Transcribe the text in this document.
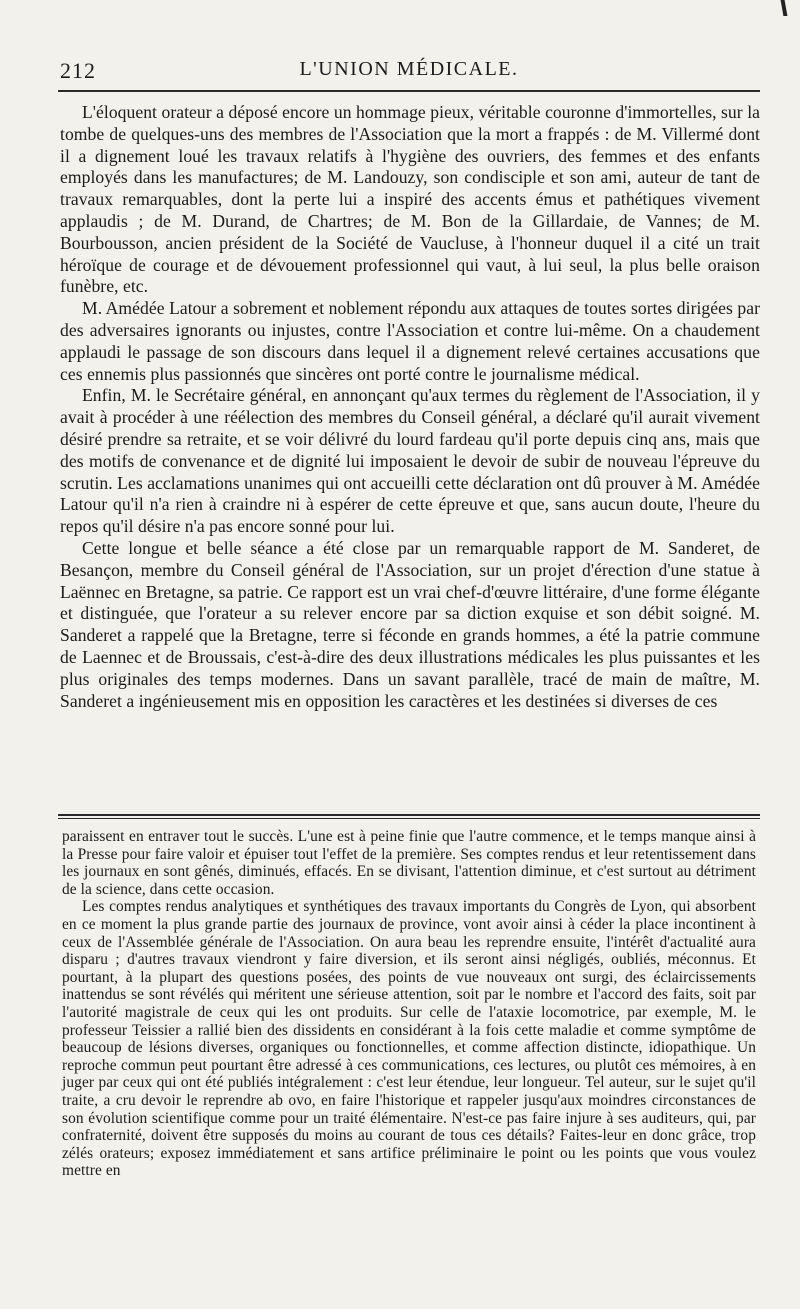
212	L'UNION MÉDICALE.

L'éloquent orateur a déposé encore un hommage pieux, véritable couronne d'immortelles, sur la tombe de quelques-uns des membres de l'Association que la mort a frappés : de M. Villermé dont il a dignement loué les travaux relatifs à l'hygiène des ouvriers, des femmes et des enfants employés dans les manufactures; de M. Landouzy, son condisciple et son ami, auteur de tant de travaux remarquables, dont la perte lui a inspiré des accents émus et pathétiques vivement applaudis ; de M. Durand, de Chartres; de M. Bon de la Gillardaie, de Vannes; de M. Bourbousson, ancien président de la Société de Vaucluse, à l'honneur duquel il a cité un trait héroïque de courage et de dévouement professionnel qui vaut, à lui seul, la plus belle oraison funèbre, etc.

M. Amédée Latour a sobrement et noblement répondu aux attaques de toutes sortes dirigées par des adversaires ignorants ou injustes, contre l'Association et contre lui-même. On a chaudement applaudi le passage de son discours dans lequel il a dignement relevé certaines accusations que ces ennemis plus passionnés que sincères ont porté contre le journalisme médical.

Enfin, M. le Secrétaire général, en annonçant qu'aux termes du règlement de l'Association, il y avait à procéder à une réélection des membres du Conseil général, a déclaré qu'il aurait vivement désiré prendre sa retraite, et se voir délivré du lourd fardeau qu'il porte depuis cinq ans, mais que des motifs de convenance et de dignité lui imposaient le devoir de subir de nouveau l'épreuve du scrutin. Les acclamations unanimes qui ont accueilli cette déclaration ont dû prouver à M. Amédée Latour qu'il n'a rien à craindre ni à espérer de cette épreuve et que, sans aucun doute, l'heure du repos qu'il désire n'a pas encore sonné pour lui.

Cette longue et belle séance a été close par un remarquable rapport de M. Sanderet, de Besançon, membre du Conseil général de l'Association, sur un projet d'érection d'une statue à Laënnec en Bretagne, sa patrie. Ce rapport est un vrai chef-d'œuvre littéraire, d'une forme élégante et distinguée, que l'orateur a su relever encore par sa diction exquise et son débit soigné. M. Sanderet a rappelé que la Bretagne, terre si féconde en grands hommes, a été la patrie commune de Laennec et de Broussais, c'est-à-dire des deux illustrations médicales les plus puissantes et les plus originales des temps modernes. Dans un savant parallèle, tracé de main de maître, M. Sanderet a ingénieusement mis en opposition les caractères et les destinées si diverses de ces

paraissent en entraver tout le succès. L'une est à peine finie que l'autre commence, et le temps manque ainsi à la Presse pour faire valoir et épuiser tout l'effet de la première. Ses comptes rendus et leur retentissement dans les journaux en sont gênés, diminués, effacés. En se divisant, l'attention diminue, et c'est surtout au détriment de la science, dans cette occasion.

Les comptes rendus analytiques et synthétiques des travaux importants du Congrès de Lyon, qui absorbent en ce moment la plus grande partie des journaux de province, vont avoir ainsi à céder la place incontinent à ceux de l'Assemblée générale de l'Association. On aura beau les reprendre ensuite, l'intérêt d'actualité aura disparu ; d'autres travaux viendront y faire diversion, et ils seront ainsi négligés, oubliés, méconnus. Et pourtant, à la plupart des questions posées, des points de vue nouveaux ont surgi, des éclaircissements inattendus se sont révélés qui méritent une sérieuse attention, soit par le nombre et l'accord des faits, soit par l'autorité magistrale de ceux qui les ont produits. Sur celle de l'ataxie locomotrice, par exemple, M. le professeur Teissier a rallié bien des dissidents en considérant à la fois cette maladie et comme symptôme de beaucoup de lésions diverses, organiques ou fonctionnelles, et comme affection distincte, idiopathique. Un reproche commun peut pourtant être adressé à ces communications, ces lectures, ou plutôt ces mémoires, à en juger par ceux qui ont été publiés intégralement : c'est leur étendue, leur longueur. Tel auteur, sur le sujet qu'il traite, a cru devoir le reprendre ab ovo, en faire l'historique et rappeler jusqu'aux moindres circonstances de son évolution scientifique comme pour un traité élémentaire. N'est-ce pas faire injure à ses auditeurs, qui, par confraternité, doivent être supposés du moins au courant de tous ces détails? Faites-leur en donc grâce, trop zélés orateurs; exposez immédiatement et sans artifice préliminaire le point ou les points que vous voulez mettre en
